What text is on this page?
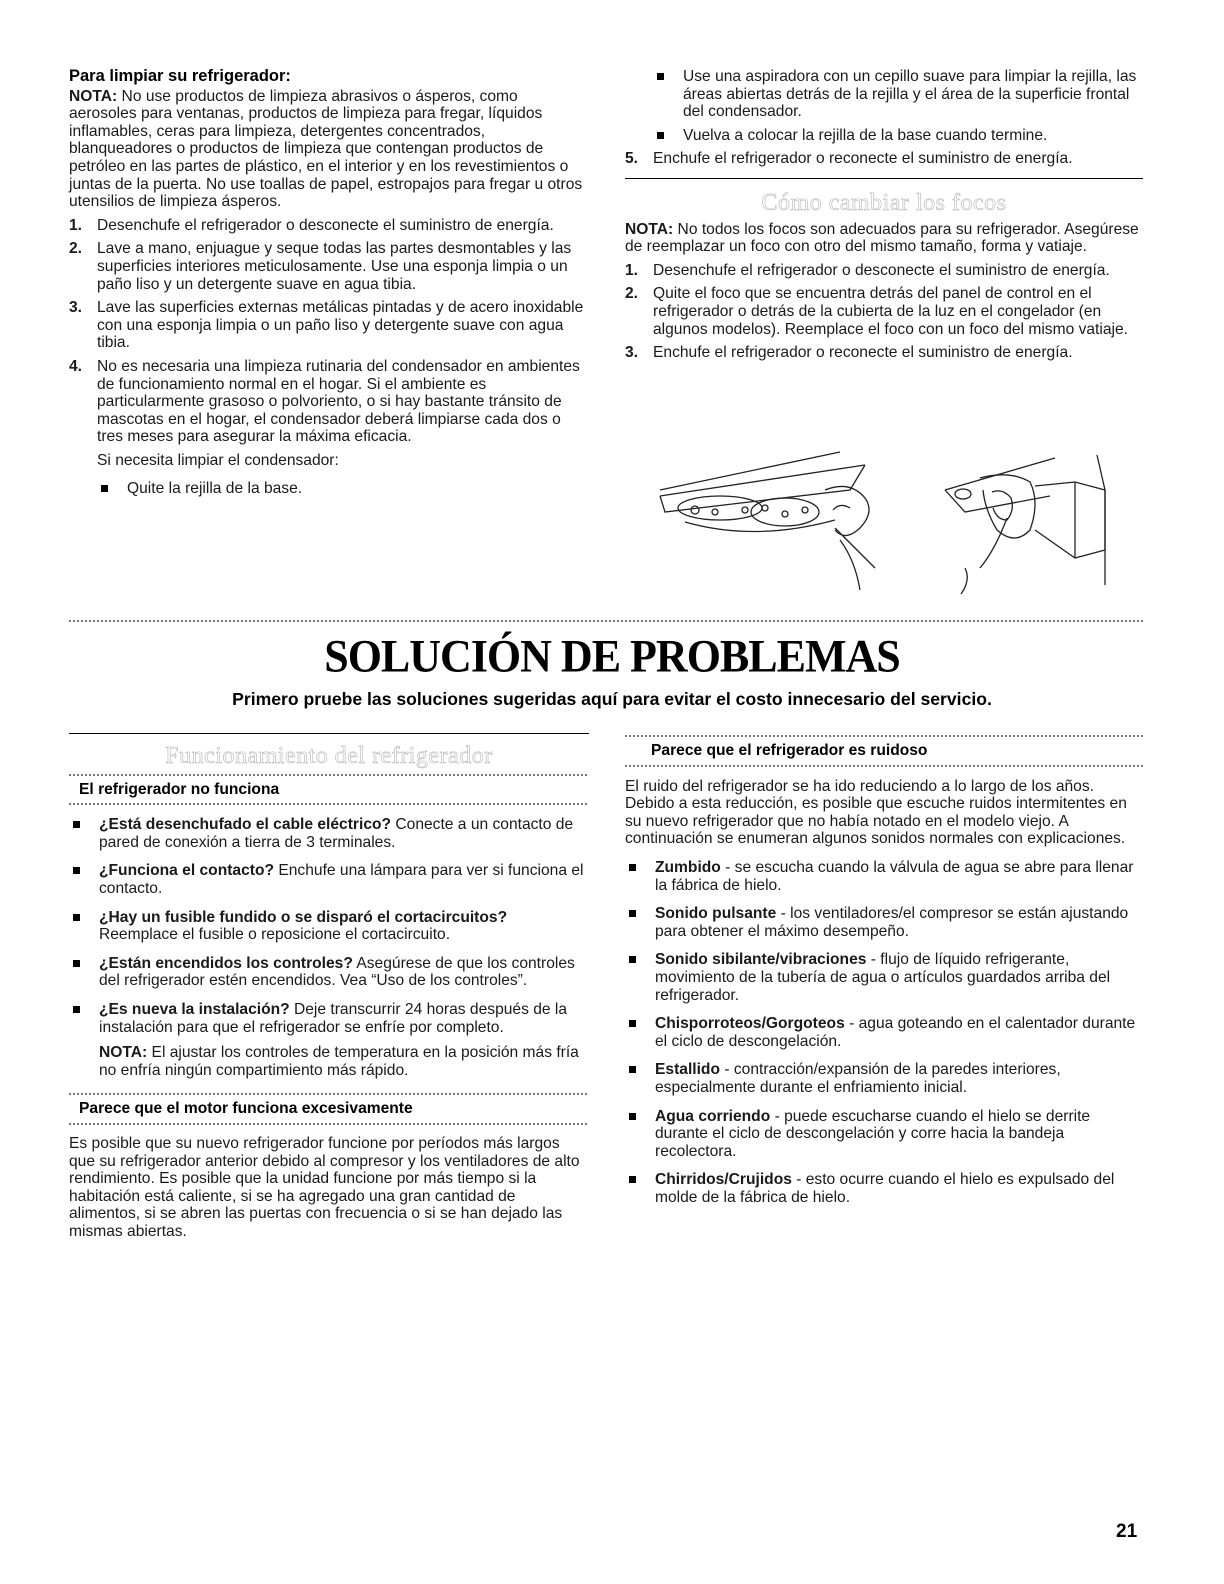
Para limpiar su refrigerador:

NOTA: No use productos de limpieza abrasivos o ásperos, como aerosoles para ventanas, productos de limpieza para fregar, líquidos inflamables, ceras para limpieza, detergentes concentrados, blanqueadores o productos de limpieza que contengan productos de petróleo en las partes de plástico, en el interior y en los revestimientos o juntas de la puerta. No use toallas de papel, estropajos para fregar u otros utensilios de limpieza ásperos.

1. Desenchufe el refrigerador o desconecte el suministro de energía.
2. Lave a mano, enjuague y seque todas las partes desmontables y las superficies interiores meticulosamente. Use una esponja limpia o un paño liso y un detergente suave en agua tibia.
3. Lave las superficies externas metálicas pintadas y de acero inoxidable con una esponja limpia o un paño liso y detergente suave con agua tibia.
4. No es necesaria una limpieza rutinaria del condensador en ambientes de funcionamiento normal en el hogar. Si el ambiente es particularmente grasoso o polvoriento, o si hay bastante tránsito de mascotas en el hogar, el condensador deberá limpiarse cada dos o tres meses para asegurar la máxima eficacia.

Si necesita limpiar el condensador:

Quite la rejilla de la base.
Use una aspiradora con un cepillo suave para limpiar la rejilla, las áreas abiertas detrás de la rejilla y el área de la superficie frontal del condensador.
Vuelva a colocar la rejilla de la base cuando termine.
5. Enchufe el refrigerador o reconecte el suministro de energía.
Cómo cambiar los focos

NOTA: No todos los focos son adecuados para su refrigerador. Asegúrese de reemplazar un foco con otro del mismo tamaño, forma y vatiaje.

1. Desenchufe el refrigerador o desconecte el suministro de energía.
2. Quite el foco que se encuentra detrás del panel de control en el refrigerador o detrás de la cubierta de la luz en el congelador (en algunos modelos). Reemplace el foco con un foco del mismo vatiaje.
3. Enchufe el refrigerador o reconecte el suministro de energía.
SOLUCIÓN DE PROBLEMAS
Primero pruebe las soluciones sugeridas aquí para evitar el costo innecesario del servicio.
Funcionamiento del refrigerador
El refrigerador no funciona
¿Está desenchufado el cable eléctrico? Conecte a un contacto de pared de conexión a tierra de 3 terminales.
¿Funciona el contacto? Enchufe una lámpara para ver si funciona el contacto.
¿Hay un fusible fundido o se disparó el cortacircuitos? Reemplace el fusible o reposicione el cortacircuito.
¿Están encendidos los controles? Asegúrese de que los controles del refrigerador estén encendidos. Vea “Uso de los controles”.
¿Es nueva la instalación? Deje transcurrir 24 horas después de la instalación para que el refrigerador se enfríe por completo.

NOTA: El ajustar los controles de temperatura en la posición más fría no enfría ningún compartimiento más rápido.

Parece que el motor funciona excesivamente

Es posible que su nuevo refrigerador funcione por períodos más largos que su refrigerador anterior debido al compresor y los ventiladores de alto rendimiento. Es posible que la unidad funcione por más tiempo si la habitación está caliente, si se ha agregado una gran cantidad de alimentos, si se abren las puertas con frecuencia o si se han dejado las mismas abiertas.

Parece que el refrigerador es ruidoso

El ruido del refrigerador se ha ido reduciendo a lo largo de los años. Debido a esta reducción, es posible que escuche ruidos intermitentes en su nuevo refrigerador que no había notado en el modelo viejo. A continuación se enumeran algunos sonidos normales con explicaciones.

Zumbido - se escucha cuando la válvula de agua se abre para llenar la fábrica de hielo.
Sonido pulsante - los ventiladores/el compresor se están ajustando para obtener el máximo desempeño.
Sonido sibilante/vibraciones - flujo de líquido refrigerante, movimiento de la tubería de agua o artículos guardados arriba del refrigerador.
Chisporroteos/Gorgoteos - agua goteando en el calentador durante el ciclo de descongelación.
Estallido - contracción/expansión de la paredes interiores, especialmente durante el enfriamiento inicial.
Agua corriendo - puede escucharse cuando el hielo se derrite durante el ciclo de descongelación y corre hacia la bandeja recolectora.
Chirridos/Crujidos - esto ocurre cuando el hielo es expulsado del molde de la fábrica de hielo.
21
